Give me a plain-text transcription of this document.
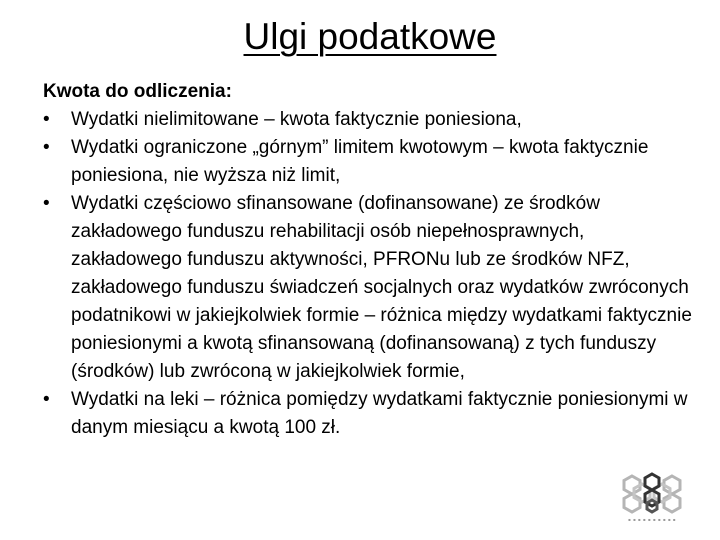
Ulgi podatkowe

Kwota do odliczenia:

•	Wydatki nielimitowane – kwota faktycznie poniesiona,
•	Wydatki ograniczone „górnym” limitem kwotowym – kwota faktycznie poniesiona, nie wyższa niż limit,
•	Wydatki częściowo sfinansowane (dofinansowane) ze środków zakładowego funduszu rehabilitacji osób niepełnosprawnych, zakładowego funduszu aktywności, PFRONu lub ze środków NFZ, zakładowego funduszu świadczeń socjalnych oraz wydatków zwróconych podatnikowi w jakiejkolwiek formie – różnica między wydatkami faktycznie poniesionymi a kwotą sfinansowaną (dofinansowaną) z tych funduszy (środków) lub zwróconą w jakiejkolwiek formie,
•	Wydatki na leki – różnica pomiędzy wydatkami faktycznie poniesionymi w danym miesiącu a kwotą 100 zł.
▪ ▪ ▪ ▪ ▪ ▪ ▪ ▪ ▪ ▪
